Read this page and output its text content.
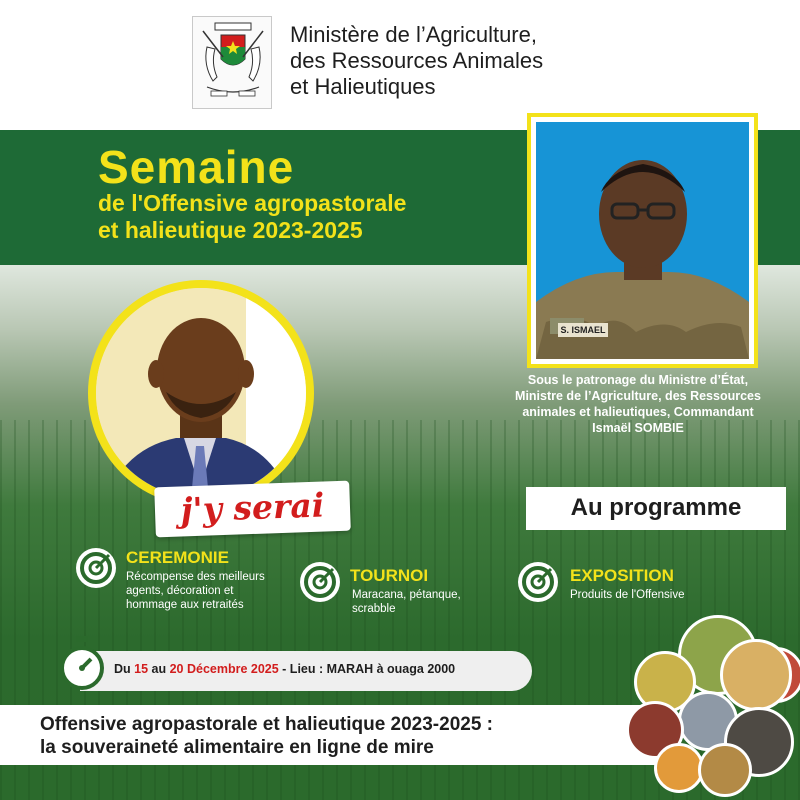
Ministère de l’Agriculture,
des Ressources Animales
et Halieutiques
Semaine
de l'Offensive agropastorale
et halieutique 2023-2025
S. ISMAEL
Sous le patronage du Ministre d’État,
Ministre de l’Agriculture, des Ressources
animales et halieutiques, Commandant
Ismaël SOMBIE
j'y serai	Au programme
CEREMONIE
Récompense des meilleurs
agents, décoration et
hommage aux retraités
TOURNOI
Maracana, pétanque,
scrabble
EXPOSITION
Produits de l'Offensive
Du 15 au 20 Décembre 2025 - Lieu : MARAH à ouaga 2000
Offensive agropastorale et halieutique 2023-2025 :
la souveraineté alimentaire en ligne de mire
